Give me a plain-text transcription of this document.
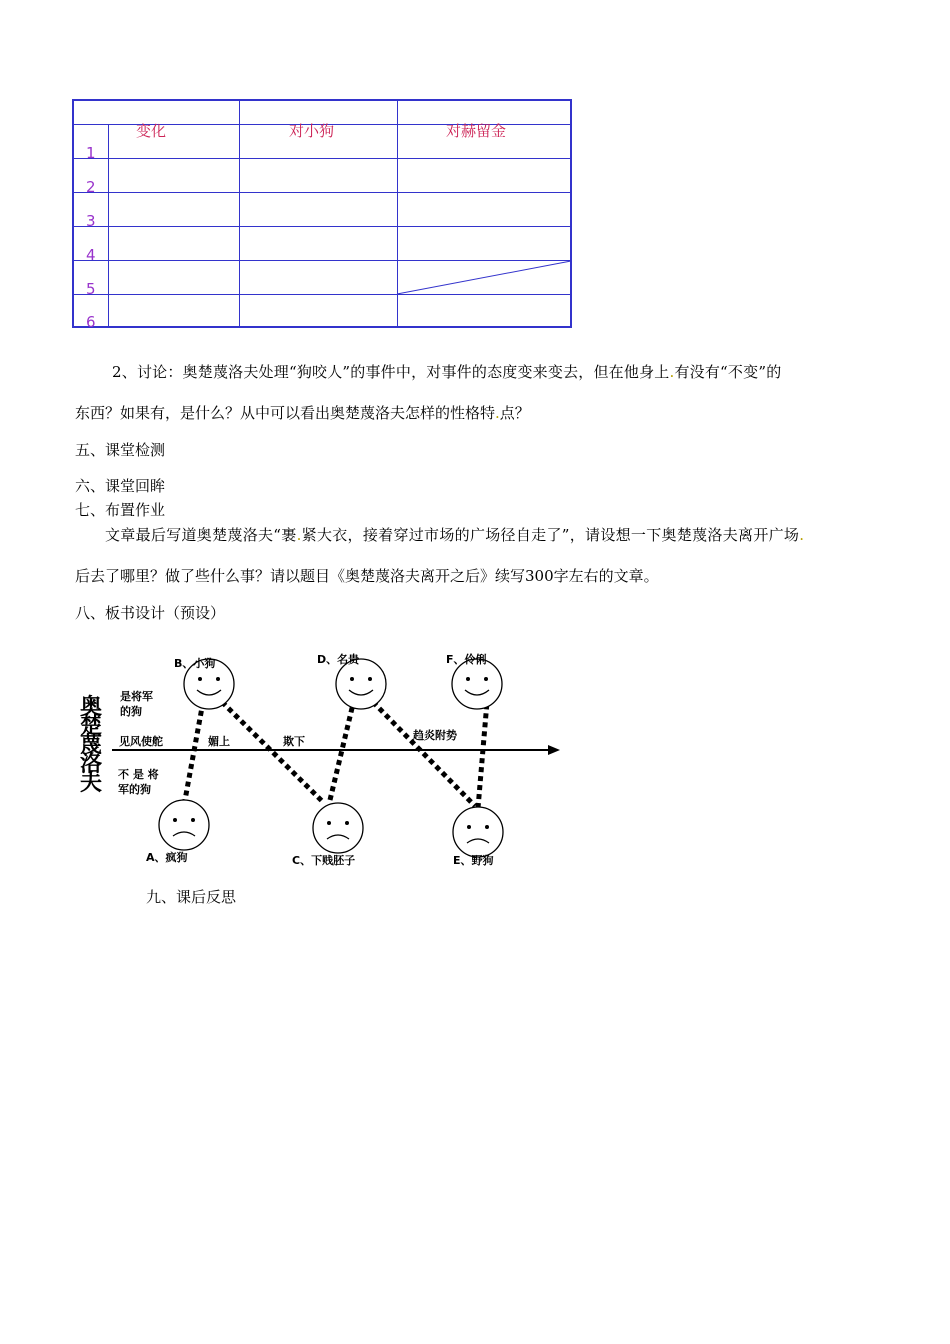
变化	对小狗	对赫留金
1
2
3
4
5
6
2、讨论：奥楚蔑洛夫处理“狗咬人”的事件中，对事件的态度变来变去，但在他身上.有没有“不变”的
东西？如果有，是什么？从中可以看出奥楚蔑洛夫怎样的性格特.点？
五、课堂检测
六、课堂回眸
七、布置作业
文章最后写道奥楚蔑洛夫“裹.紧大衣，接着穿过市场的广场径自走了”，请设想一下奥楚蔑洛夫离开广场.
后去了哪里？做了些什么事？请以题目《奥楚蔑洛夫离开之后》续写300字左右的文章。
八、板书设计（预设）
奥
楚
蔑
洛
夫
B、小狗	D、名贵	F、伶俐
是将军
的狗
不 是 将
军的狗
见风使舵	媚上	欺下	趋炎附势
A、疯狗	C、下贱胚子	E、野狗
九、课后反思
